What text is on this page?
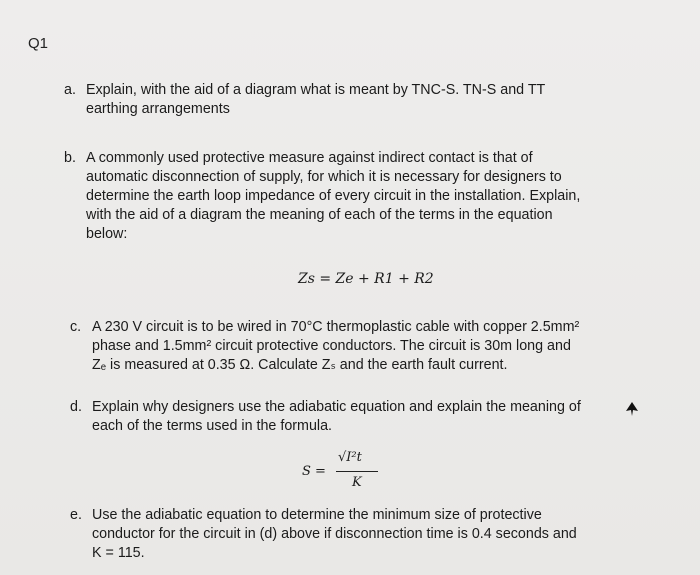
Q1
a. Explain, with the aid of a diagram what is meant by TNC-S. TN-S and TT
earthing arrangements
b. A commonly used protective measure against indirect contact is that of
automatic disconnection of supply, for which it is necessary for designers to
determine the earth loop impedance of every circuit in the installation. Explain,
with the aid of a diagram the meaning of each of the terms in the equation
below:
Zs = Ze + R1 + R2
c. A 230 V circuit is to be wired in 70°C thermoplastic cable with copper 2.5mm²
phase and 1.5mm² circuit protective conductors. The circuit is 30m long and
Zₑ is measured at 0.35 Ω. Calculate Zₛ and the earth fault current.
d. Explain why designers use the adiabatic equation and explain the meaning of
each of the terms used in the formula.
S =
√I²t
K
e. Use the adiabatic equation to determine the minimum size of protective
conductor for the circuit in (d) above if disconnection time is 0.4 seconds and
K = 115.
